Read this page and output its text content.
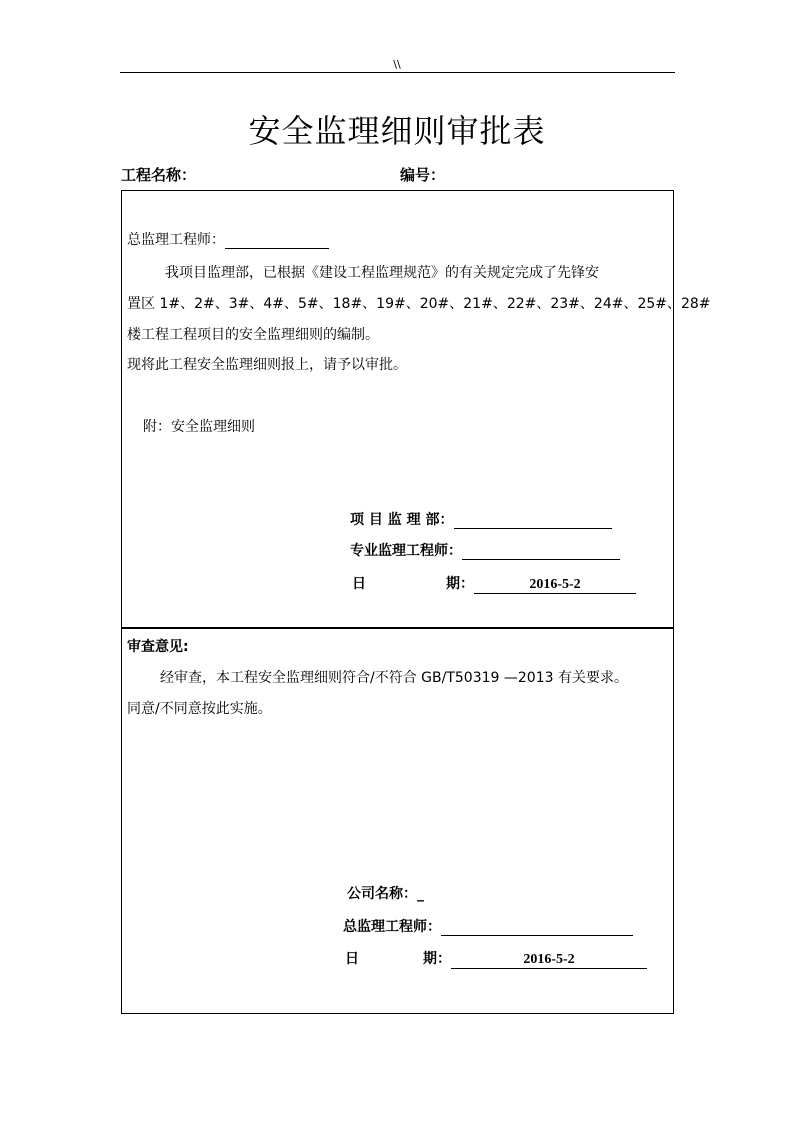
\\
安全监理细则审批表
工程名称：	编号：
总监理工程师：
我项目监理部，已根据《建设工程监理规范》的有关规定完成了先锋安
置区 1#、2#、3#、4#、5#、18#、19#、20#、21#、22#、23#、24#、25#、28#
楼工程工程项目的安全监理细则的编制。
现将此工程安全监理细则报上，请予以审批。
附：安全监理细则
项 目 监 理 部：
专业监理工程师：
日	期：	2016-5-2
审查意见:
经审查，本工程安全监理细则符合/不符合 GB/T50319 —2013 有关要求。
同意/不同意按此实施。
公司名称：_
总监理工程师：
日	期：	2016-5-2
